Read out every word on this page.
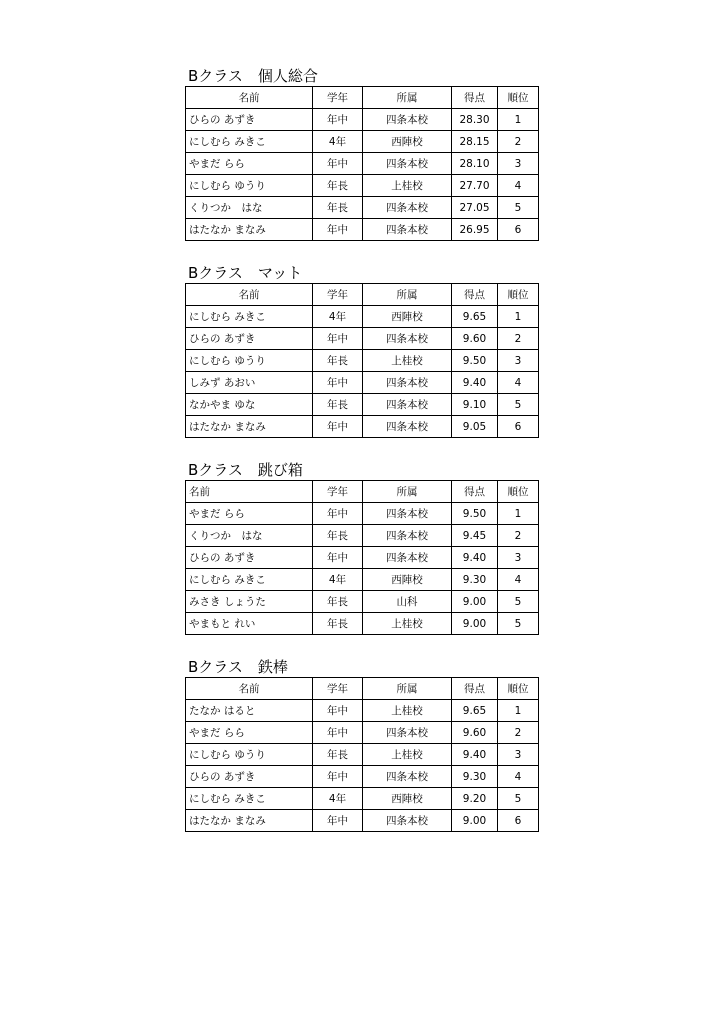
Bクラス　個人総合
名前	学年	所属	得点	順位
ひらの あずき	年中	四条本校	28.30	1
にしむら みきこ	4年	西陣校	28.15	2
やまだ らら	年中	四条本校	28.10	3
にしむら ゆうり	年長	上桂校	27.70	4
くりつか　はな	年長	四条本校	27.05	5
はたなか まなみ	年中	四条本校	26.95	6
Bクラス　マット
名前	学年	所属	得点	順位
にしむら みきこ	4年	西陣校	9.65	1
ひらの あずき	年中	四条本校	9.60	2
にしむら ゆうり	年長	上桂校	9.50	3
しみず あおい	年中	四条本校	9.40	4
なかやま ゆな	年長	四条本校	9.10	5
はたなか まなみ	年中	四条本校	9.05	6
Bクラス　跳び箱
名前	学年	所属	得点	順位
やまだ らら	年中	四条本校	9.50	1
くりつか　はな	年長	四条本校	9.45	2
ひらの あずき	年中	四条本校	9.40	3
にしむら みきこ	4年	西陣校	9.30	4
みさき しょうた	年長	山科	9.00	5
やまもと れい	年長	上桂校	9.00	5
Bクラス　鉄棒
名前	学年	所属	得点	順位
たなか はると	年中	上桂校	9.65	1
やまだ らら	年中	四条本校	9.60	2
にしむら ゆうり	年長	上桂校	9.40	3
ひらの あずき	年中	四条本校	9.30	4
にしむら みきこ	4年	西陣校	9.20	5
はたなか まなみ	年中	四条本校	9.00	6
